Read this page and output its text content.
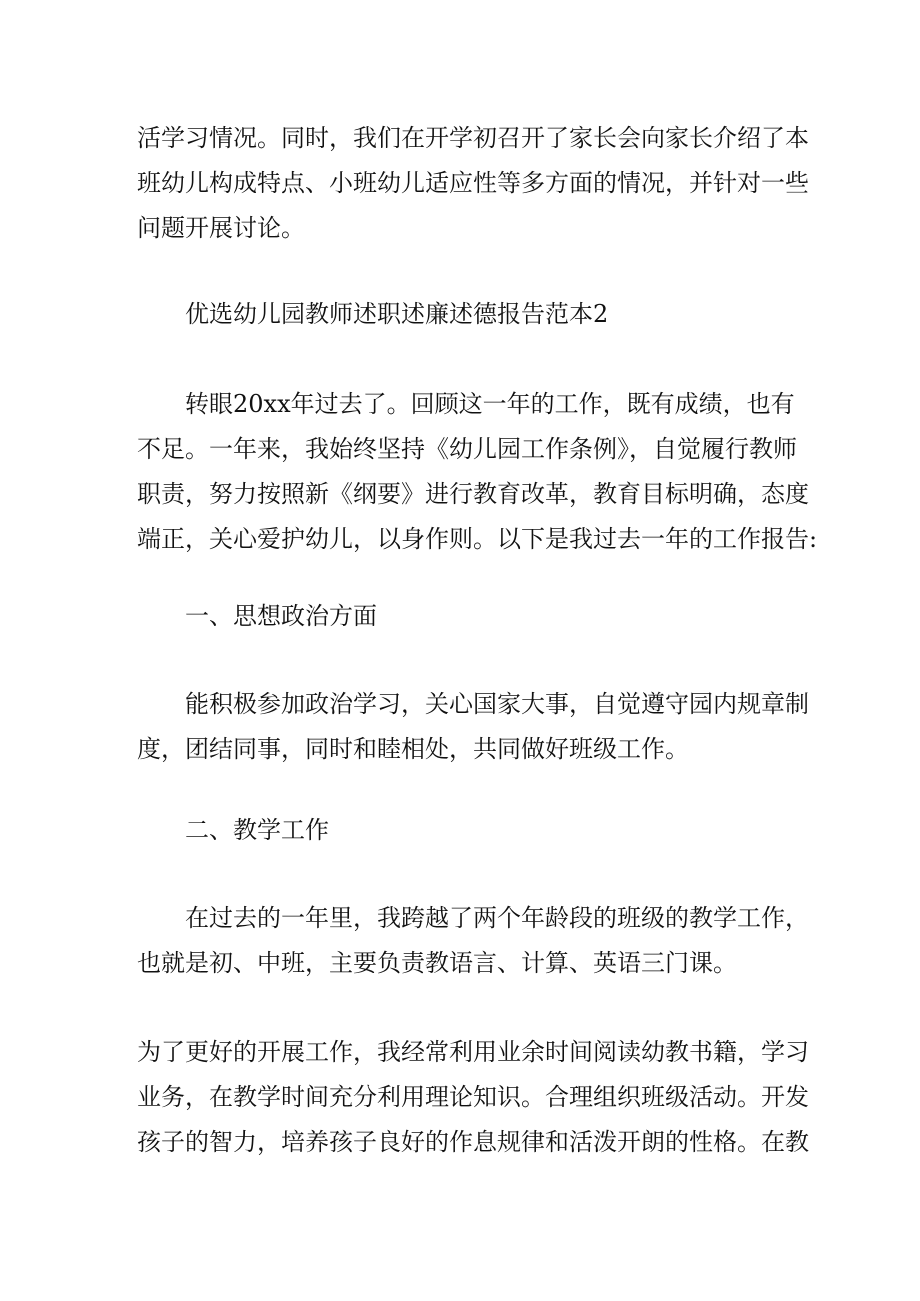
活学习情况。同时，我们在开学初召开了家长会向家长介绍了本
班幼儿构成特点、小班幼儿适应性等多方面的情况，并针对一些
问题开展讨论。
优选幼儿园教师述职述廉述德报告范本2
转眼20xx年过去了。回顾这一年的工作，既有成绩，也有
不足。一年来，我始终坚持《幼儿园工作条例》，自觉履行教师
职责，努力按照新《纲要》进行教育改革，教育目标明确，态度
端正，关心爱护幼儿，以身作则。以下是我过去一年的工作报告:
一、思想政治方面
能积极参加政治学习，关心国家大事，自觉遵守园内规章制
度，团结同事，同时和睦相处，共同做好班级工作。
二、教学工作
在过去的一年里，我跨越了两个年龄段的班级的教学工作，
也就是初、中班，主要负责教语言、计算、英语三门课。
为了更好的开展工作，我经常利用业余时间阅读幼教书籍，学习
业务，在教学时间充分利用理论知识。合理组织班级活动。开发
孩子的智力，培养孩子良好的作息规律和活泼开朗的性格。在教
